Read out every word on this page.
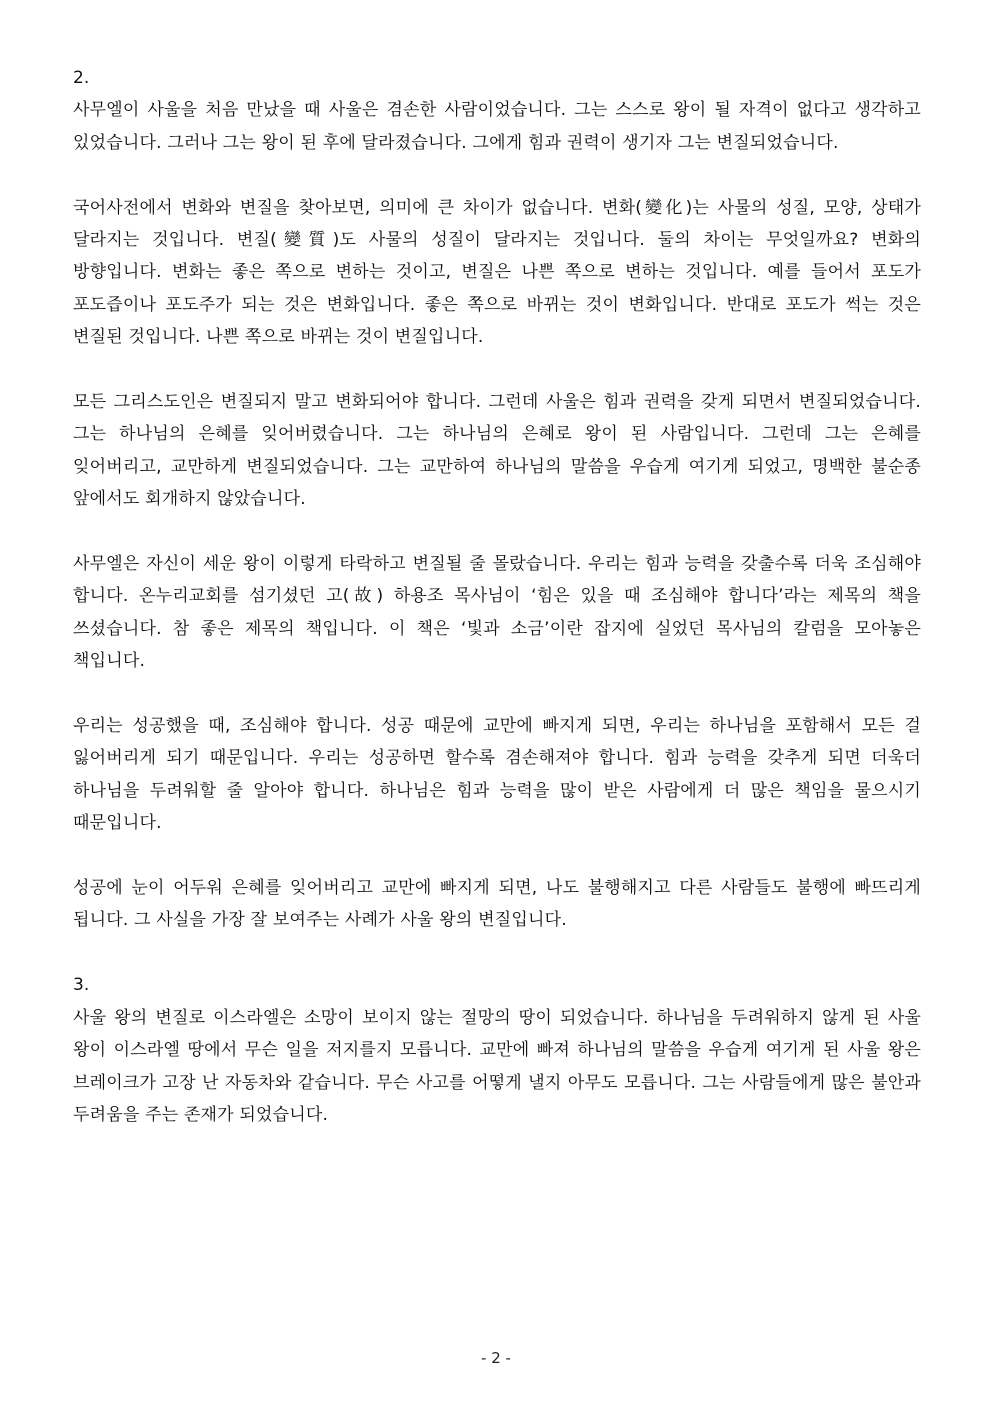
2.

사무엘이 사울을 처음 만났을 때 사울은 겸손한 사람이었습니다. 그는 스스로 왕이 될 자격이 없다고 생각하고 있었습니다. 그러나 그는 왕이 된 후에 달라졌습니다. 그에게 힘과 권력이 생기자 그는 변질되었습니다.

국어사전에서 변화와 변질을 찾아보면, 의미에 큰 차이가 없습니다. 변화(變化)는 사물의 성질, 모양, 상태가 달라지는 것입니다. 변질(變質)도 사물의 성질이 달라지는 것입니다. 둘의 차이는 무엇일까요? 변화의 방향입니다. 변화는 좋은 쪽으로 변하는 것이고, 변질은 나쁜 쪽으로 변하는 것입니다. 예를 들어서 포도가 포도즙이나 포도주가 되는 것은 변화입니다. 좋은 쪽으로 바뀌는 것이 변화입니다. 반대로 포도가 썩는 것은 변질된 것입니다. 나쁜 쪽으로 바뀌는 것이 변질입니다.

모든 그리스도인은 변질되지 말고 변화되어야 합니다. 그런데 사울은 힘과 권력을 갖게 되면서 변질되었습니다. 그는 하나님의 은혜를 잊어버렸습니다. 그는 하나님의 은혜로 왕이 된 사람입니다. 그런데 그는 은혜를 잊어버리고, 교만하게 변질되었습니다. 그는 교만하여 하나님의 말씀을 우습게 여기게 되었고, 명백한 불순종 앞에서도 회개하지 않았습니다.

사무엘은 자신이 세운 왕이 이렇게 타락하고 변질될 줄 몰랐습니다. 우리는 힘과 능력을 갖출수록 더욱 조심해야 합니다. 온누리교회를 섬기셨던 고(故) 하용조 목사님이 ‘힘은 있을 때 조심해야 합니다’라는 제목의 책을 쓰셨습니다. 참 좋은 제목의 책입니다. 이 책은 ‘빛과 소금’이란 잡지에 실었던 목사님의 칼럼을 모아놓은 책입니다.

우리는 성공했을 때, 조심해야 합니다. 성공 때문에 교만에 빠지게 되면, 우리는 하나님을 포함해서 모든 걸 잃어버리게 되기 때문입니다. 우리는 성공하면 할수록 겸손해져야 합니다. 힘과 능력을 갖추게 되면 더욱더 하나님을 두려워할 줄 알아야 합니다. 하나님은 힘과 능력을 많이 받은 사람에게 더 많은 책임을 물으시기 때문입니다.

성공에 눈이 어두워 은혜를 잊어버리고 교만에 빠지게 되면, 나도 불행해지고 다른 사람들도 불행에 빠뜨리게 됩니다. 그 사실을 가장 잘 보여주는 사례가 사울 왕의 변질입니다.

3.

사울 왕의 변질로 이스라엘은 소망이 보이지 않는 절망의 땅이 되었습니다. 하나님을 두려워하지 않게 된 사울 왕이 이스라엘 땅에서 무슨 일을 저지를지 모릅니다. 교만에 빠져 하나님의 말씀을 우습게 여기게 된 사울 왕은 브레이크가 고장 난 자동차와 같습니다. 무슨 사고를 어떻게 낼지 아무도 모릅니다. 그는 사람들에게 많은 불안과 두려움을 주는 존재가 되었습니다.

- 2 -
